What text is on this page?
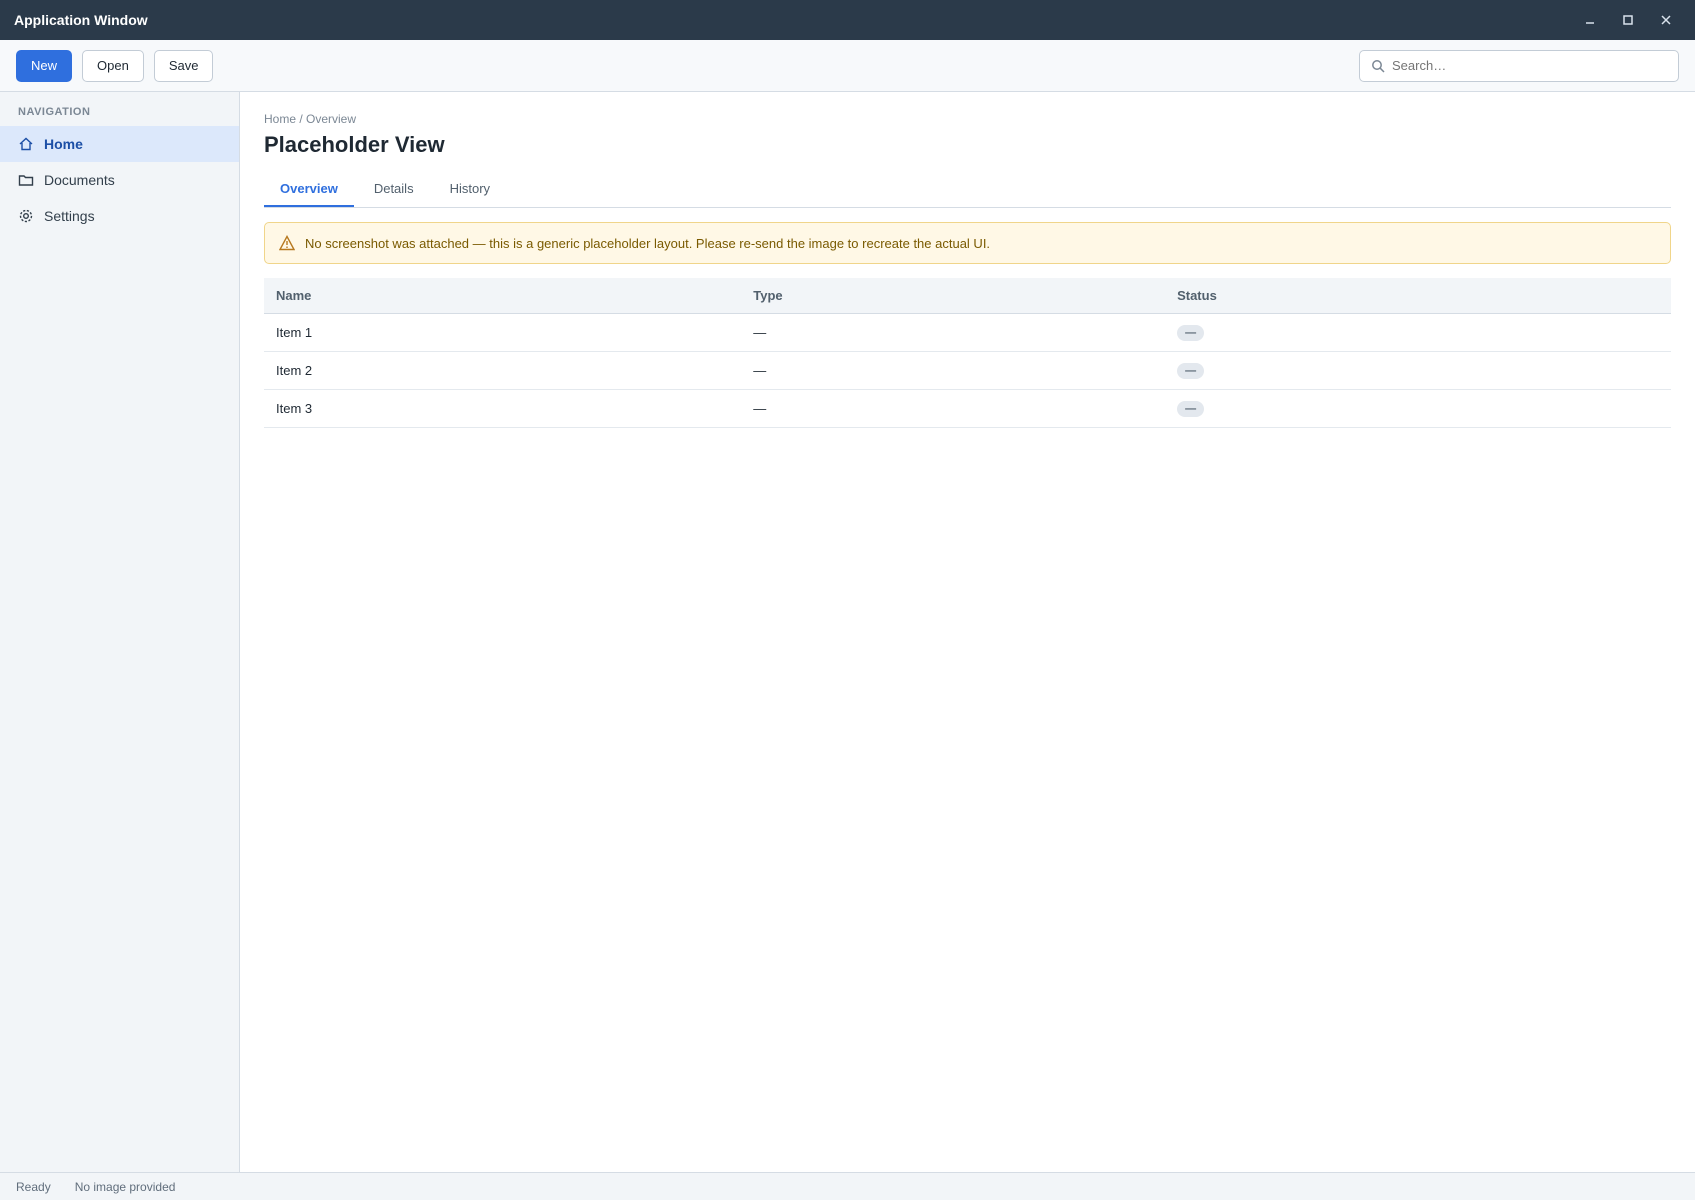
Application Window
New	Open	Save
Search…
NAVIGATION
Home
Documents
Settings
Home / Overview
Placeholder View
Overview	Details	History
No screenshot was attached — this is a generic placeholder layout. Please re-send the image to recreate the actual UI.
Name	Type	Status
Item 1	—	—
Item 2	—	—
Item 3	—	—
Ready No image provided
